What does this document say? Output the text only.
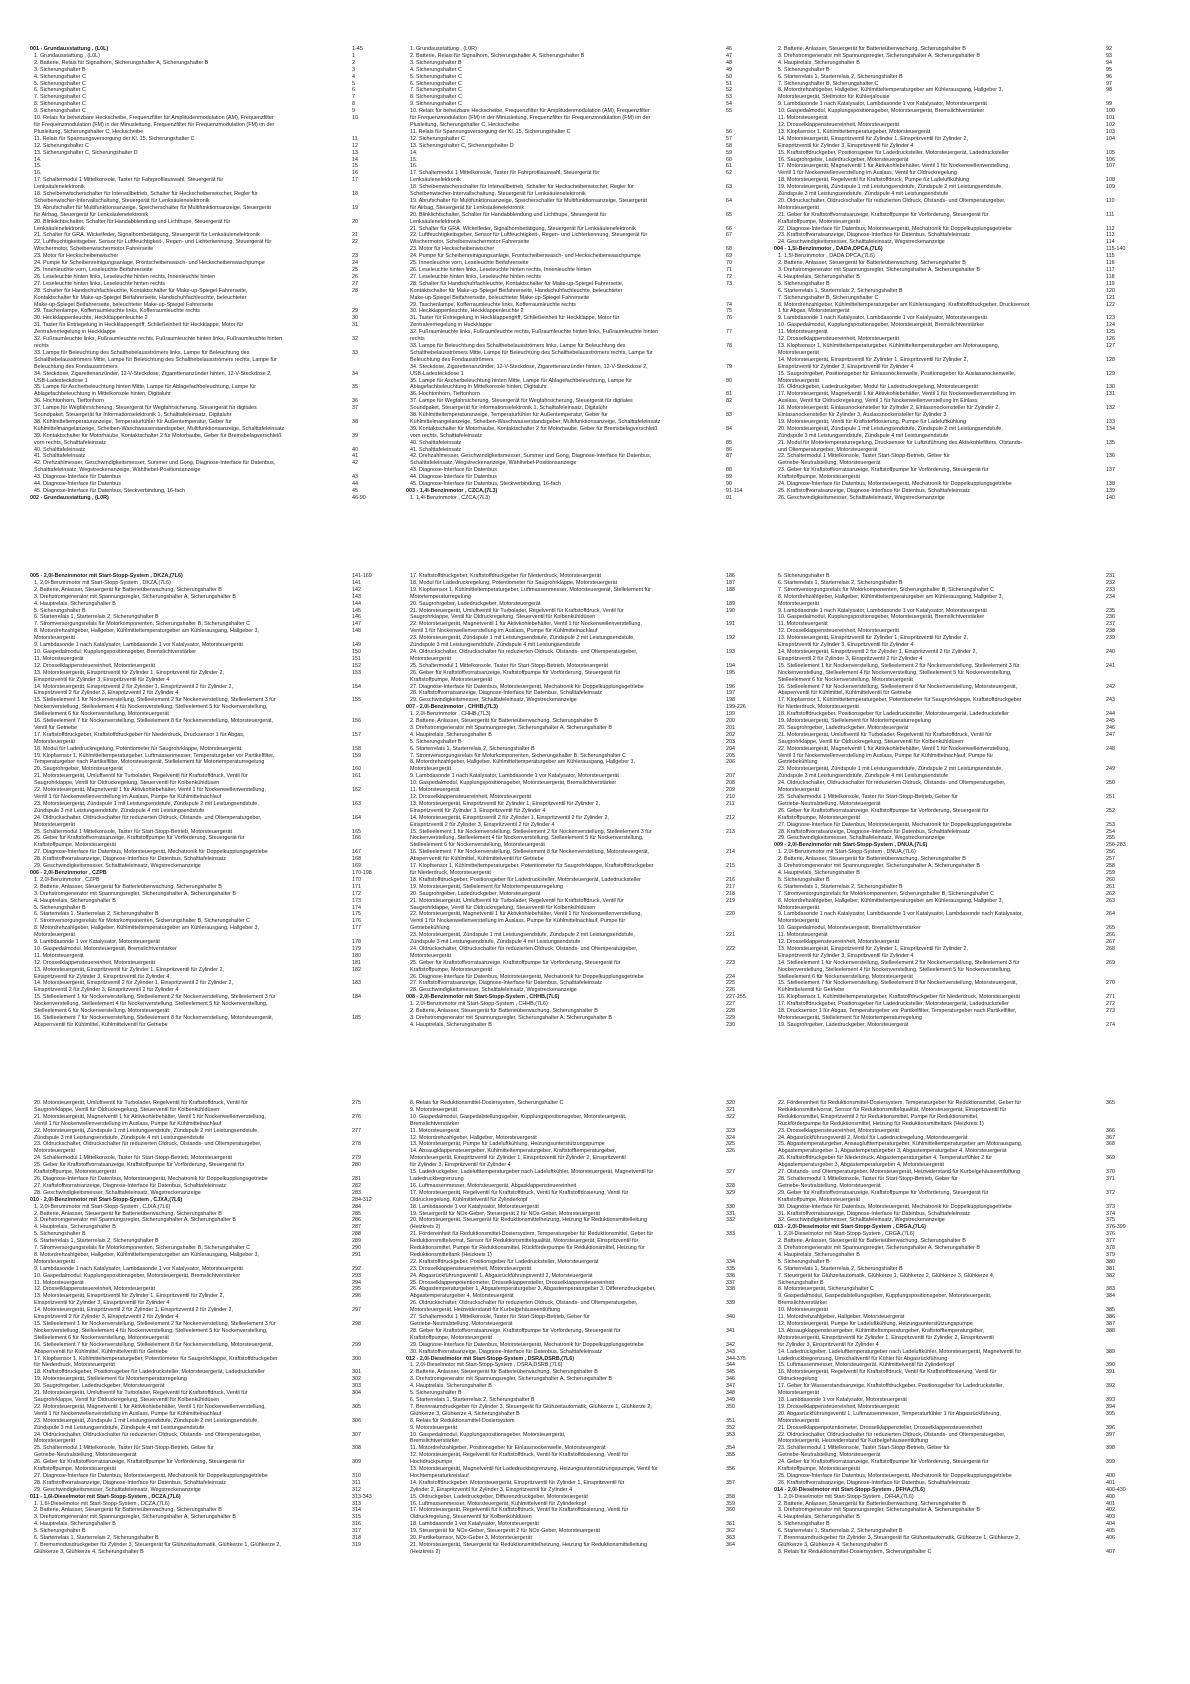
001 - Grundausstattung , (L0L)	1-45
1. Grundausstattung , (L0L)	1
2. Batterie, Relais für Signalhorn, Sicherungshalter A, Sicherungshalter B	2
3. Sicherungshalter B	3
4. Sicherungshalter C	4
5. Sicherungshalter C	5
6. Sicherungshalter C	6
7. Sicherungshalter C	7
8. Sicherungshalter C	8
9. Sicherungshalter C	9
10. Relais für beheizbare Heckscheibe, Frequenzfilter für Amplitudenmodulation (AM), Frequenzfilter	10
für Frequenzmodulation (FM) in der Minusleitung, Frequenzfilter für Frequenzmodulation (FM) im der
Plusleitung, Sicherungshalter C, Heckscheibe
11. Relais für Spannungsversorgung der Kl. 15, Sicherungshalter C	11
12. Sicherungshalter C	12
13. Sicherungshalter C, Sicherungshalter D	13
14.	14
15.	15
16.	16
17. Schaltermodul 1 Mittelkonsole, Taster für Fahrprofilauswahl, Steuergerät für	17
Lenksäulenelektronik
18. Scheibenwischerschalter für Intervallbetrieb, Schalter für Heckscheibenwischer, Regler für	18
Scheibenwischer-Intervallschaltung, Steuergerät für Lenksäulenelektronik
19. Abrufschalter für Multifunktionsanzeige, Speicherschalter für Multifunktionsanzeige, Steuergerät	19
für Airbag, Steuergerät für Lenksäulenelektronik
20. Blinklichtschalter, Schalter für Handabblendung und Lichthupe, Steuergerät für	20
Lenksäulenelektronik
21. Schalter für GRA, Wickelfeder, Signalhornbetätigung, Steuergerät für Lenksäulenelektronik	21
22. Luftfeuchtigkeitsgeber, Sensor für Luftfeuchtigkeit-, Regen- und Lichterkennung, Steuergerät für	22
Wischermotor, Scheibenwischermotor Fahrerseite
23. Motor für Heckscheibenwischer	23
24. Pumpe für Scheibenreinigungsanlage, Frontscheibenwasch- und Heckscheibenwaschpumpe	24
25. Innenleuchte vorn, Leseleuchte Beifahrerseite	25
26. Leseleuchte hinten links, Leseleuchte hinten rechts, Innenleuchte hinten	26
27. Leseleuchte hinten links, Leseleuchte hinten rechts	27
28. Schalter für Handschuhfachleuchte, Kontaktschalter für Make-up-Spiegel Fahrerseite,	28
Kontaktschalter für Make-up-Spiegel Beifahrerseite, Handschuhfachleuchte, beleuchteter
Make-up-Spiegel Beifahrerseite, beleuchteter Make-up-Spiegel Fahrerseite
29. Taschenlampe, Kofferraumleuchte links, Kofferraumleuchte rechts	29
30. Heckklappenleuchte, Heckklappenleuchte 2	30
31. Taster für Entriegelung in Heckklappengriff, Schließeinheit für Heckklappe, Motor für	31
Zentralverriegelung in Heckklappe
32. Fußraumleuchte links, Fußraumleuchte rechts, Fußraumleuchte hinten links, Fußraumleuchte hinten	32
rechts
33. Lampe für Beleuchtung des Schalthebelausströmers links, Lampe für Beleuchtung des	33
Schalthebelausströmers Mitte, Lampe für Beleuchtung des Schalthebelausströmers rechts, Lampe für
Beleuchtung des Fondausströmers
34. Steckdose, Zigarettenanzünder, 12-V-Steckdose, Zigarettenanzünder hinten, 12-V-Steckdose 2,	34
USB-Ladesteckdose 1
35. Lampe für Ascherbeleuchtung hinten Mitte, Lampe für Ablagefachbeleuchtung, Lampe für	35
Ablagefachbeleuchtung in Mittelkonsole hinten, Digitaluhr
36. Hochtonhorn, Tieftonhorn	36
37. Lampe für Wegfahrsicherung, Steuergerät für Wegfahrsicherung, Steuergerät für digitales	37
Soundpaket, Steuergerät für Informationselektronik 1, Schalttafeleinsatz, Digitaluhr
38. Kühlmitteltemperaturanzeige, Temperaturfühler für Außentemperatur, Geber für	38
Kühlmittelmangelanzeige, Scheiben-Waschwasserstandsgeber, Multifunktionsanzeige, Schalttafeleinsatz
39. Kontaktschalter für Motorhaube, Kontaktschalter 2 für Motorhaube, Geber für Bremsbelagverschleiß	39
vorn rechts, Schalttafeleinsatz
40. Schalttafeleinsatz	40
41. Schalttafeleinsatz	41
42. Drehzahlmesser, Geschwindigkeitsmesser, Summer und Gong, Diagnose-Interface für Datenbus,	42
Schalttafeleinsatz, Wegstreckenanzeige, Wählhebel-Positionsanzeige
43. Diagnose-Interface für Datenbus	43
44. Diagnose-Interface für Datenbus	44
45. Diagnose-Interface für Datenbus, Steckverbindung, 16-fach	45
002 - Grundausstattung , (L0R)	46-90
1. Grundausstattung , (L0R)	46
2. Batterie, Relais für Signalhorn, Sicherungshalter A, Sicherungshalter B	47
3. Sicherungshalter B	48
4. Sicherungshalter C	49
5. Sicherungshalter C	50
6. Sicherungshalter C	51
7. Sicherungshalter C	52
8. Sicherungshalter C	53
9. Sicherungshalter C	54
10. Relais für beheizbare Heckscheibe, Frequenzfilter für Amplitudenmodulation (AM), Frequenzfilter	55
für Frequenzmodulation (FM) in der Minusleitung, Frequenzfilter für Frequenzmodulation (FM) im der
Plusleitung, Sicherungshalter C, Heckscheibe
11. Relais für Spannungsversorgung der Kl. 15, Sicherungshalter C	56
12. Sicherungshalter C	57
13. Sicherungshalter C, Sicherungshalter D	58
14.	59
15.	60
16.	61
17. Schaltermodul 1 Mittelkonsole, Taster für Fahrprofilauswahl, Steuergerät für	62
Lenksäulenelektronik
18. Scheibenwischerschalter für Intervallbetrieb, Schalter für Heckscheibenwischer, Regler für	63
Scheibenwischer-Intervallschaltung, Steuergerät für Lenksäulenelektronik
19. Abrufschalter für Multifunktionsanzeige, Speicherschalter für Multifunktionsanzeige, Steuergerät	64
für Airbag, Steuergerät für Lenksäulenelektronik
20. Blinklichtschalter, Schalter für Handabblendung und Lichthupe, Steuergerät für	65
Lenksäulenelektronik
21. Schalter für GRA, Wickelfeder, Signalhornbetätigung, Steuergerät für Lenksäulenelektronik	66
22. Luftfeuchtigkeitsgeber, Sensor für Luftfeuchtigkeit-, Regen- und Lichterkennung, Steuergerät für	67
Wischermotor, Scheibenwischermotor Fahrerseite
23. Motor für Heckscheibenwischer	68
24. Pumpe für Scheibenreinigungsanlage, Frontscheibenwasch- und Heckscheibenwaschpumpe	69
25. Innenleuchte vorn, Leseleuchte Beifahrerseite	70
26. Leseleuchte hinten links, Leseleuchte hinten rechts, Innenleuchte hinten	71
27. Leseleuchte hinten links, Leseleuchte hinten rechts	72
28. Schalter für Handschuhfachleuchte, Kontaktschalter für Make-up-Spiegel Fahrerseite,	73
Kontaktschalter für Make-up-Spiegel Beifahrerseite, Handschuhfachleuchte, beleuchteter
Make-up-Spiegel Beifahrerseite, beleuchteter Make-up-Spiegel Fahrerseite
29. Taschenlampe, Kofferraumleuchte links, Kofferraumleuchte rechts	74
30. Heckklappenleuchte, Heckklappenleuchte 2	75
31. Taster für Entriegelung in Heckklappengriff, Schließeinheit für Heckklappe, Motor für	76
Zentralverriegelung in Heckklappe
32. Fußraumleuchte links, Fußraumleuchte rechts, Fußraumleuchte hinten links, Fußraumleuchte hinten	77
rechts
33. Lampe für Beleuchtung des Schalthebelausströmers links, Lampe für Beleuchtung des	78
Schalthebelausströmers Mitte, Lampe für Beleuchtung des Schalthebelausströmers rechts, Lampe für
Beleuchtung des Fondausströmers
34. Steckdose, Zigarettenanzünder, 12-V-Steckdose, Zigarettenanzünder hinten, 12-V-Steckdose 2,	79
USB-Ladesteckdose 1
35. Lampe für Ascherbeleuchtung hinten Mitte, Lampe für Ablagefachbeleuchtung, Lampe für	80
Ablagefachbeleuchtung in Mittelkonsole hinten, Digitaluhr
36. Hochtonhorn, Tieftonhorn	81
37. Lampe für Wegfahrsicherung, Steuergerät für Wegfahrsicherung, Steuergerät für digitales	82
Soundpaket, Steuergerät für Informationselektronik 1, Schalttafeleinsatz, Digitaluhr
38. Kühlmitteltemperaturanzeige, Temperaturfühler für Außentemperatur, Geber für	83
Kühlmittelmangelanzeige, Scheiben-Waschwasserstandsgeber, Multifunktionsanzeige, Schalttafeleinsatz
39. Kontaktschalter für Motorhaube, Kontaktschalter 2 für Motorhaube, Geber für Bremsbelagverschleiß	84
vorn rechts, Schalttafeleinsatz
40. Schalttafeleinsatz	85
41. Schalttafeleinsatz	86
42. Drehzahlmesser, Geschwindigkeitsmesser, Summer und Gong, Diagnose-Interface für Datenbus,	87
Schalttafeleinsatz, Wegstreckenanzeige, Wählhebel-Positionsanzeige
43. Diagnose-Interface für Datenbus	88
44. Diagnose-Interface für Datenbus	89
45. Diagnose-Interface für Datenbus, Steckverbindung, 16-fach	90
003 - 1,4l-Benzinmotor , CZCA,(7L3)	91-114
1. 1,4l-Benzinmotor , CZCA,(7L3)	91
2. Batterie, Anlasser, Steuergerät für Batterieüberwachung, Sicherungshalter B	92
3. Drehstromgenerator mit Spannungsregler, Sicherungshalter A, Sicherungshalter B	93
4. Hauptrelais, Sicherungshalter B	94
5. Sicherungshalter B	95
6. Starterrelais 1, Starterrelais 2, Sicherungshalter B	96
7. Sicherungshalter B, Sicherungshalter C	97
8. Motordrehzahlgeber, Hallgeber, Kühlmitteltemperaturgeber am Kühlerausgang, Hallgeber 3,	98
Motorsteuergerät, Stellmotor für Kühlerjalousie
9. Lambdasonde 1 nach Katalysator, Lambdasonde 1 vor Katalysator, Motorsteuergerät	99
10. Gaspedalmodul, Kupplungspositionsgeber, Motorsteuergerät, Bremslichtverstärker	100
11. Motorsteuergerät	101
12. Drosselklappensteuereinheit, Motorsteuergerät	102
13. Klopfsensor 1, Kühlmitteltemperaturgeber, Motorsteuergerät	103
14. Motorsteuergerät, Einspritzventil für Zylinder 1, Einspritzventil für Zylinder 2,	104
Einspritzventil für Zylinder 3, Einspritzventil für Zylinder 4
15. Kraftstoffdruckgeber, Positionsgeber für Ladedrucksteller, Motorsteuergerät, Ladedrucksteller	105
16. Saugrohrgeber, Ladedruckgeber, Motorsteuergerät	106
17. Motorsteuergerät, Magnetventil 1 für Aktivkohlebehälter, Ventil 1 für Nockenwellenverstellung,	107
Ventil 1 für Nockenwellenverstellung im Auslass, Ventil für Öldruckregelung
18. Motorsteuergerät, Regelventil für Kraftstoffdruck, Pumpe für Ladeluftkühlung	108
19. Motorsteuergerät, Zündspule 1 mit Leistungsendstufe, Zündspule 2 mit Leistungsendstufe,	109
Zündspule 3 mit Leistungsendstufe, Zündspule 4 mit Leistungsendstufe
20. Öldruckschalter, Öldruckschalter für reduzierten Öldruck, Ölstands- und Öltemperaturgeber,	110
Motorsteuergerät
21. Geber für Kraftstoffvorratsanzeige, Kraftstoffpumpe für Vorförderung, Steuergerät für	111
Kraftstoffpumpe, Motorsteuergerät
22. Diagnose-Interface für Datenbus, Motorsteuergerät, Mechatronik für Doppelkupplungsgetriebe	112
23. Kraftstoffvorratsanzeige, Diagnose-Interface für Datenbus, Schalttafeleinsatz	113
24. Geschwindigkeitsmesser, Schalttafeleinsatz, Wegstreckenanzeige	114
004 - 1,5l-Benzinmotor , DADA,DPCA,(7L6)	115-140
1. 1,5l-Benzinmotor , DADA,DPCA,(7L6)	115
2. Batterie, Anlasser, Steuergerät für Batterieüberwachung, Sicherungshalter B	116
3. Drehstromgenerator mit Spannungsregler, Sicherungshalter A, Sicherungshalter B	117
4. Hauptrelais, Sicherungshalter B	118
5. Sicherungshalter B	119
6. Starterrelais 1, Starterrelais 2, Sicherungshalter B	120
7. Sicherungshalter B, Sicherungshalter C	121
8. Motordrehzahlgeber, Kühlmitteltemperaturgeber am Kühlerausgang, Kraftstoffdruckgeber, Drucksensor	122
1 für Abgas, Motorsteuergerät
9. Lambdasonde 1 nach Katalysator, Lambdasonde 1 vor Katalysator, Motorsteuergerät	123
10. Gaspedalmodul, Kupplungspositionsgeber, Motorsteuergerät, Bremslichtverstärker	124
11. Motorsteuergerät	125
12. Drosselklappensteuereinheit, Motorsteuergerät	126
13. Klopfsensor 1, Kühlmitteltemperaturgeber, Kühlmitteltemperaturgeber am Motorausgang,	127
Motorsteuergerät
14. Motorsteuergerät, Einspritzventil für Zylinder 1, Einspritzventil für Zylinder 2,	128
Einspritzventil für Zylinder 3, Einspritzventil für Zylinder 4
15. Saugrohrgeber, Positionsgeber für Einlassnockenwelle, Positionsgeber für Auslassnockenwelle,	129
Motorsteuergerät
16. Öldruckgeber, Ladedruckgeber, Modul für Ladedruckregelung, Motorsteuergerät	130
17. Motorsteuergerät, Magnetventil 1 für Aktivkohlebehälter, Ventil 1 für Nockenwellenverstellung im	131
Auslass, Ventil für Öldruckregelung, Ventil 1 für Nockenwellenverstellung im Einlass
18. Motorsteuergerät, Einlassnockensteller für Zylinder 2, Einlassnockensteller für Zylinder 2,	132
Einlassnockensteller für Zylinder 3, Auslassnockensteller für Zylinder 3
19. Motorsteuergerät, Ventil für Kraftstoffdosierung, Pumpe für Ladeluftkühlung	133
20. Motorsteuergerät, Zündspule 1 mit Leistungsendstufe, Zündspule 2 mit Leistungsendstufe,	134
Zündspule 3 mit Leistungsendstufe, Zündspule 4 mit Leistungsendstufe
21. Modul für Motortemperaturregelung, Drucksensor für Luftzuführung des Aktivkohlefilters, Ölstands-	135
und Öltemperaturgeber, Motorsteuergerät
22. Schaltermodul 1 Mittelkonsole, Taster Start-Stopp-Betrieb, Geber für	136
Getriebe-Neutralstellung, Motorsteuergerät
23. Geber für Kraftstoffvorratsanzeige, Kraftstoffpumpe für Vorförderung, Steuergerät für	137
Kraftstoffpumpe, Motorsteuergerät
24. Diagnose-Interface für Datenbus, Motorsteuergerät, Mechatronik für Doppelkupplungsgetriebe	138
25. Kraftstoffvorratsanzeige, Diagnose-Interface für Datenbus, Schalttafeleinsatz	139
26. Geschwindigkeitsmesser, Schalttafeleinsatz, Wegstreckenanzeige	140
005 - 2,0l-Benzinmotor mit Start-Stopp-System , DKZA,(7L6)	141-169
1. 2,0l-Benzinmotor mit Start-Stopp-System , DKZA,(7L6)	141
2. Batterie, Anlasser, Steuergerät für Batterieüberwachung, Sicherungshalter B	142
3. Drehstromgenerator mit Spannungsregler, Sicherungshalter A, Sicherungshalter B	143
4. Hauptrelais, Sicherungshalter B	144
5. Sicherungshalter B	145
6. Starterrelais 1, Starterrelais 2, Sicherungshalter B	146
7. Stromversorgungsrelais für Motorkomponenten, Sicherungshalter B, Sicherungshalter C	147
8. Motordrehzahlgeber, Hallgeber, Kühlmitteltemperaturgeber am Kühlerausgang, Hallgeber 3,	148
Motorsteuergerät
9. Lambdasonde 1 nach Katalysator, Lambdasonde 1 vor Katalysator, Motorsteuergerät	149
10. Gaspedalmodul, Kupplungspositionsgeber, Bremslichtverstärker	150
11. Motorsteuergerät	151
12. Drosselklappensteuereinheit, Motorsteuergerät	152
13. Motorsteuergerät, Einspritzventil für Zylinder 1, Einspritzventil für Zylinder 2,	153
Einspritzventil für Zylinder 3, Einspritzventil für Zylinder 4
14. Motorsteuergerät, Einspritzventil 2 für Zylinder 1, Einspritzventil 2 für Zylinder 2,	154
Einspritzventil 2 für Zylinder 3, Einspritzventil 2 für Zylinder 4
15. Stelleelement 1 für Nockenverstellung, Stelleelement 2 für Nockenverstellung, Stelleelement 3 für	155
Nockenverstellung, Stelleelement 4 für Nockenverstellung, Stelleelement 5 für Nockenverstellung,
Stelleelement 6 für Nockenverstellung, Motorsteuergerät
16. Stelleelement 7 für Nockenverstellung, Stelleelement 8 für Nockenverstellung, Motorsteuergerät,	156
Ventil für Getriebe
17. Kraftstoffdruckgeber, Kraftstoffdruckgeber für Niederdruck, Drucksensor 1 für Abgas,	157
Motorsteuergerät
18. Modul für Ladedruckregelung, Potentiometer für Saugrohrklappe, Motorsteuergerät	158
19. Klopfsensor 1, Kühlmitteltemperaturgeber, Luftmassenmesser, Temperaturgeber vor Partikelfilter,	159
Temperaturgeber nach Partikelfilter, Motorsteuergerät, Stellelement für Motortemperaturregelung
20. Saugrohrgeber, Motorsteuergerät	160
21. Motorsteuergerät, Umluftventil für Turbolader, Regelventil für Kraftstoffdruck, Ventil für	161
Saugrohrklappe, Ventil für Öldruckregelung, Steuerventil für Kolbenkühldüsen
22. Motorsteuergerät, Magnetventil 1 für Aktivkohlebehälter, Ventil 1 für Nockenwellenverstellung,	162
Ventil 1 für Nockenwellenverstellung im Auslass, Pumpe für Kühlmittelnachlauf
23. Motorsteuergerät, Zündspule 1 mit Leistungsendstufe, Zündspule 2 mit Leistungsendstufe,	163
Zündspule 3 mit Leistungsendstufe, Zündspule 4 mit Leistungsendstufe
24. Öldruckschalter, Öldruckschalter für reduzierten Öldruck, Ölstands- und Öltemperaturgeber,	164
Motorsteuergerät
25. Schaltermodul 1 Mittelkonsole, Taster für Start-Stopp-Betrieb, Motorsteuergerät	165
26. Geber für Kraftstoffvorratsanzeige, Kraftstoffpumpe für Vorförderung, Steuergerät für	166
Kraftstoffpumpe, Motorsteuergerät
27. Diagnose-Interface für Datenbus, Motorsteuergerät, Mechatronik für Doppelkupplungsgetriebe	167
28. Kraftstoffvorratsanzeige, Diagnose-Interface für Datenbus, Schalttafeleinsatz	168
29. Geschwindigkeitsmesser, Schalttafeleinsatz, Wegstreckenanzeige	169
006 - 2,0l-Benzinmotor , CZPB	170-198
1. 2,0l-Benzinmotor , CZPB	170
2. Batterie, Anlasser, Steuergerät für Batterieüberwachung, Sicherungshalter B	171
3. Drehstromgenerator mit Spannungsregler, Sicherungshalter A, Sicherungshalter B	172
4. Hauptrelais, Sicherungshalter B	173
5. Sicherungshalter B	174
6. Starterrelais 1, Starterrelais 2, Sicherungshalter B	175
7. Stromversorgungsrelais für Motorkomponenten, Sicherungshalter B, Sicherungshalter C	176
8. Motordrehzahlgeber, Hallgeber, Kühlmitteltemperaturgeber am Kühlerausgang, Hallgeber 3,	177
Motorsteuergerät
9. Lambdasonde 1 vor Katalysator, Motorsteuergerät	178
10. Gaspedalmodul, Motorsteuergerät, Bremslichtverstärker	179
11. Motorsteuergerät	180
12. Drosselklappensteuereinheit, Motorsteuergerät	181
13. Motorsteuergerät, Einspritzventil für Zylinder 1, Einspritzventil für Zylinder 2,	182
Einspritzventil für Zylinder 3, Einspritzventil für Zylinder 4
14. Motorsteuergerät, Einspritzventil 2 für Zylinder 1, Einspritzventil 2 für Zylinder 2,	183
Einspritzventil 2 für Zylinder 3, Einspritzventil 2 für Zylinder 4
15. Stelleelement 1 für Nockenverstellung, Stelleelement 2 für Nockenverstellung, Stelleelement 3 für	184
Nockenverstellung, Stelleelement 4 für Nockenverstellung, Stelleelement 5 für Nockenverstellung,
Stelleelement 6 für Nockenverstellung, Motorsteuergerät
16. Stelleelement 7 für Nockenverstellung, Stelleelement 8 für Nockenverstellung, Motorsteuergerät,	185
Absperrventil für Kühlmittel, Kühlmittelventil für Getriebe
17. Kraftstoffdruckgeber, Kraftstoffdruckgeber für Niederdruck, Motorsteuergerät	186
18. Modul für Ladedruckregelung, Potentiometer für Saugrohrklappe, Motorsteuergerät	187
19. Klopfsensor 1, Kühlmitteltemperaturgeber, Luftmassenmesser, Motorsteuergerät, Stellelement für	188
Motortemperaturregelung
20. Saugrohrgeber, Ladedruckgeber, Motorsteuergerät	189
21. Motorsteuergerät, Umluftventil für Turbolader, Regelventil für Kraftstoffdruck, Ventil für	190
Saugrohrklappe, Ventil für Öldruckregelung, Steuerventil für Kolbenkühldüsen
22. Motorsteuergerät, Magnetventil 1 für Aktivkohlebehälter, Ventil 1 für Nockenwellenverstellung,	191
Ventil 1 für Nockenwellenverstellung im Auslass, Pumpe für Kühlmittelnachlauf
23. Motorsteuergerät, Zündspule 1 mit Leistungsendstufe, Zündspule 2 mit Leistungsendstufe,	192
Zündspule 3 mit Leistungsendstufe, Zündspule 4 mit Leistungsendstufe
24. Öldruckschalter, Öldruckschalter für reduzierten Öldruck, Ölstands- und Öltemperaturgeber,	193
Motorsteuergerät
25. Schaltermodul 1 Mittelkonsole, Taster für Start-Stopp-Betrieb, Motorsteuergerät	194
26. Geber für Kraftstoffvorratsanzeige, Kraftstoffpumpe für Vorförderung, Steuergerät für	195
Kraftstoffpumpe, Motorsteuergerät
27. Diagnose-Interface für Datenbus, Motorsteuergerät, Mechatronik für Doppelkupplungsgetriebe	196
28. Kraftstoffvorratsanzeige, Diagnose-Interface für Datenbus, Schalttafeleinsatz	197
29. Geschwindigkeitsmesser, Schalttafeleinsatz, Wegstreckenanzeige	198
007 - 2,0l-Benzinmotor , CHHB,(7L3)	199-226
1. 2,0l-Benzinmotor , CHHB,(7L3)	199
2. Batterie, Anlasser, Steuergerät für Batterieüberwachung, Sicherungshalter B	200
3. Drehstromgenerator mit Spannungsregler, Sicherungshalter A, Sicherungshalter B	201
4. Hauptrelais, Sicherungshalter B	202
5. Sicherungshalter B	203
6. Starterrelais 1, Starterrelais 2, Sicherungshalter B	204
7. Stromversorgungsrelais für Motorkomponenten, Sicherungshalter B, Sicherungshalter C	205
8. Motordrehzahlgeber, Hallgeber, Kühlmitteltemperaturgeber am Kühlerausgang, Hallgeber 3,	206
Motorsteuergerät
9. Lambdasonde 1 nach Katalysator, Lambdasonde 1 vor Katalysator, Motorsteuergerät	207
10. Gaspedalmodul, Kupplungspositionsgeber, Motorsteuergerät, Bremslichtverstärker	208
11. Motorsteuergerät	209
12. Drosselklappensteuereinheit, Motorsteuergerät	210
13. Motorsteuergerät, Einspritzventil für Zylinder 1, Einspritzventil für Zylinder 2,	211
Einspritzventil für Zylinder 3, Einspritzventil für Zylinder 4
14. Motorsteuergerät, Einspritzventil 2 für Zylinder 1, Einspritzventil 2 für Zylinder 2,	212
Einspritzventil 2 für Zylinder 3, Einspritzventil 2 für Zylinder 4
15. Stelleelement 1 für Nockenverstellung, Stelleelement 2 für Nockenverstellung, Stelleelement 3 für	213
Nockenverstellung, Stelleelement 4 für Nockenverstellung, Stelleelement 5 für Nockenverstellung,
Stelleelement 6 für Nockenverstellung, Motorsteuergerät
16. Stelleelement 7 für Nockenverstellung, Stelleelement 8 für Nockenverstellung, Motorsteuergerät,	214
Absperrventil für Kühlmittel, Kühlmittelventil für Getriebe
17. Klopfsensor 1, Kühlmitteltemperaturgeber, Potentiometer für Saugrohrklappe, Kraftstoffdruckgeber	215
für Niederdruck, Motorsteuergerät
18. Kraftstoffdruckgeber, Positionsgeber für Ladedrucksteller, Motorsteuergerät, Ladedrucksteller	216
19. Motorsteuergerät, Stellelement für Motortemperaturregelung	217
20. Saugrohrgeber, Ladedruckgeber, Motorsteuergerät	218
21. Motorsteuergerät, Umluftventil für Turbolader, Regelventil für Kraftstoffdruck, Ventil für	219
Saugrohrklappe, Ventil für Öldruckregelung, Steuerventil für Kolbenkühldüsen
22. Motorsteuergerät, Magnetventil 1 für Aktivkohlebehälter, Ventil 1 für Nockenwellenverstellung,	220
Ventil 1 für Nockenwellenverstellung im Auslass, Pumpe für Kühlmittelnachlauf, Pumpe für
Getriebekühlung
23. Motorsteuergerät, Zündspule 1 mit Leistungsendstufe, Zündspule 2 mit Leistungsendstufe,	221
Zündspule 3 mit Leistungsendstufe, Zündspule 4 mit Leistungsendstufe
24. Öldruckschalter, Öldruckschalter für reduzierten Öldruck, Ölstands- und Öltemperaturgeber,	222
Motorsteuergerät
25. Geber für Kraftstoffvorratsanzeige, Kraftstoffpumpe für Vorförderung, Steuergerät für	223
Kraftstoffpumpe, Motorsteuergerät
26. Diagnose-Interface für Datenbus, Motorsteuergerät, Mechatronik für Doppelkupplungsgetriebe	224
27. Kraftstoffvorratsanzeige, Diagnose-Interface für Datenbus, Schalttafeleinsatz	225
28. Geschwindigkeitsmesser, Schalttafeleinsatz, Wegstreckenanzeige	226
008 - 2,0l-Benzinmotor mit Start-Stopp-System , CHHB,(7L6)	227-255
1. 2,0l-Benzinmotor mit Start-Stopp-System , CHHB,(7L6)	227
2. Batterie, Anlasser, Steuergerät für Batterieüberwachung, Sicherungshalter B	228
3. Drehstromgenerator mit Spannungsregler, Sicherungshalter A, Sicherungshalter B	229
4. Hauptrelais, Sicherungshalter B	230
5. Sicherungshalter B	231
6. Starterrelais 1, Starterrelais 2, Sicherungshalter B	232
7. Stromversorgungsrelais für Motorkomponenten, Sicherungshalter B, Sicherungshalter C	233
8. Motordrehzahlgeber, Hallgeber, Kühlmitteltemperaturgeber am Kühlerausgang, Hallgeber 3,	234
Motorsteuergerät
9. Lambdasonde 1 nach Katalysator, Lambdasonde 1 vor Katalysator, Motorsteuergerät	235
10. Gaspedalmodul, Kupplungspositionsgeber, Motorsteuergerät, Bremslichtverstärker	236
11. Motorsteuergerät	237
12. Drosselklappensteuereinheit, Motorsteuergerät	238
13. Motorsteuergerät, Einspritzventil für Zylinder 1, Einspritzventil für Zylinder 2,	239
Einspritzventil für Zylinder 3, Einspritzventil für Zylinder 4
14. Motorsteuergerät, Einspritzventil 2 für Zylinder 1, Einspritzventil 2 für Zylinder 2,	240
Einspritzventil 2 für Zylinder 3, Einspritzventil 2 für Zylinder 4
15. Stelleelement 1 für Nockenverstellung, Stelleelement 2 für Nockenverstellung, Stelleelement 3 für	241
Nockenverstellung, Stelleelement 4 für Nockenverstellung, Stelleelement 5 für Nockenverstellung,
Stelleelement 6 für Nockenverstellung, Motorsteuergerät
16. Stelleelement 7 für Nockenverstellung, Stelleelement 8 für Nockenverstellung, Motorsteuergerät,	242
Absperrventil für Kühlmittel, Kühlmittelventil für Getriebe
17. Klopfsensor 1, Kühlmitteltemperaturgeber, Potentiometer für Saugrohrklappe, Kraftstoffdruckgeber	243
für Niederdruck, Motorsteuergerät
18. Kraftstoffdruckgeber, Positionsgeber für Ladedrucksteller, Motorsteuergerät, Ladedrucksteller	244
19. Motorsteuergerät, Stellelement für Motortemperaturregelung	245
20. Saugrohrgeber, Ladedruckgeber, Motorsteuergerät	246
21. Motorsteuergerät, Umluftventil für Turbolader, Regelventil für Kraftstoffdruck, Ventil für	247
Saugrohrklappe, Ventil für Öldruckregelung, Steuerventil für Kolbenkühldüsen
22. Motorsteuergerät, Magnetventil 1 für Aktivkohlebehälter, Ventil 1 für Nockenwellenverstellung,	248
Ventil 1 für Nockenwellenverstellung im Auslass, Pumpe für Kühlmittelnachlauf, Pumpe für
Getriebekühlung
23. Motorsteuergerät, Zündspule 1 mit Leistungsendstufe, Zündspule 2 mit Leistungsendstufe,	249
Zündspule 3 mit Leistungsendstufe, Zündspule 4 mit Leistungsendstufe
24. Öldruckschalter, Öldruckschalter für reduzierten Öldruck, Ölstands- und Öltemperaturgeber,	250
Motorsteuergerät
25. Schaltermodul 1 Mittelkonsole, Taster für Start-Stopp-Betrieb, Geber für	251
Getriebe-Neutralstellung, Motorsteuergerät
26. Geber für Kraftstoffvorratsanzeige, Kraftstoffpumpe für Vorförderung, Steuergerät für	252
Kraftstoffpumpe, Motorsteuergerät
27. Diagnose-Interface für Datenbus, Motorsteuergerät, Mechatronik für Doppelkupplungsgetriebe	253
28. Kraftstoffvorratsanzeige, Diagnose-Interface für Datenbus, Schalttafeleinsatz	254
29. Geschwindigkeitsmesser, Schalttafeleinsatz, Wegstreckenanzeige	255
009 - 2,0l-Benzinmotor mit Start-Stopp-System , DNUA,(7L6)	256-283
1. 2,0l-Benzinmotor mit Start-Stopp-System , DNUA,(7L6)	256
2. Batterie, Anlasser, Steuergerät für Batterieüberwachung, Sicherungshalter B	257
3. Drehstromgenerator mit Spannungsregler, Sicherungshalter A, Sicherungshalter B	258
4. Hauptrelais, Sicherungshalter B	259
5. Sicherungshalter B	260
6. Starterrelais 1, Starterrelais 2, Sicherungshalter B	261
7. Stromversorgungsrelais für Motorkomponenten, Sicherungshalter B, Sicherungshalter C	262
8. Motordrehzahlgeber, Hallgeber, Kühlmitteltemperaturgeber am Kühlerausgang, Hallgeber 3,	263
Motorsteuergerät
9. Lambdasonde 1 nach Katalysator, Lambdasonde 1 vor Katalysator, Lambdasonde nach Katalysator,	264
Motorsteuergerät
10. Gaspedalmodul, Motorsteuergerät, Bremslichtverstärker	265
11. Motorsteuergerät	266
12. Drosselklappensteuereinheit, Motorsteuergerät	267
13. Motorsteuergerät, Einspritzventil für Zylinder 1, Einspritzventil für Zylinder 2,	268
Einspritzventil für Zylinder 3, Einspritzventil für Zylinder 4
14. Stelleelement 1 für Nockenverstellung, Stelleelement 2 für Nockenverstellung, Stelleelement 3 für	269
Nockenverstellung, Stelleelement 4 für Nockenverstellung, Stelleelement 5 für Nockenverstellung,
Stelleelement 6 für Nockenverstellung, Motorsteuergerät
15. Stelleelement 7 für Nockenverstellung, Stelleelement 8 für Nockenverstellung, Motorsteuergerät,	270
Kühlmittelventil für Getriebe
16. Klopfsensor 1, Kühlmitteltemperaturgeber, Kraftstoffdruckgeber für Niederdruck, Motorsteuergerät	271
17. Kraftstoffdruckgeber, Positionsgeber für Ladedrucksteller, Motorsteuergerät, Ladedrucksteller	272
18. Drucksensor 1 für Abgas, Temperaturgeber vor Partikelfilter, Temperaturgeber nach Partikelfilter,	273
Motorsteuergerät, Stellelement für Motortemperaturregelung
19. Saugrohrgeber, Ladedruckgeber, Motorsteuergerät	274
20. Motorsteuergerät, Umluftventil für Turbolader, Regelventil für Kraftstoffdruck, Ventil für	275
Saugrohrklappe, Ventil für Öldruckregelung, Steuerventil für Kolbenkühldüsen
21. Motorsteuergerät, Magnetventil 1 für Aktivkohlebehälter, Ventil 1 für Nockenwellenverstellung,	276
Ventil 1 für Nockenwellenverstellung im Auslass, Pumpe für Kühlmittelnachlauf
22. Motorsteuergerät, Zündspule 1 mit Leistungsendstufe, Zündspule 2 mit Leistungsendstufe,	277
Zündspule 3 mit Leistungsendstufe, Zündspule 4 mit Leistungsendstufe
23. Öldruckschalter, Öldruckschalter für reduzierten Öldruck, Ölstands- und Öltemperaturgeber,	278
Motorsteuergerät
24. Schaltermodul 1 Mittelkonsole, Taster für Start-Stopp-Betrieb, Motorsteuergerät	279
25. Geber für Kraftstoffvorratsanzeige, Kraftstoffpumpe für Vorförderung, Steuergerät für	280
Kraftstoffpumpe, Motorsteuergerät
26. Diagnose-Interface für Datenbus, Motorsteuergerät, Mechatronik für Doppelkupplungsgetriebe	281
27. Kraftstoffvorratsanzeige, Diagnose-Interface für Datenbus, Schalttafeleinsatz	282
28. Geschwindigkeitsmesser, Schalttafeleinsatz, Wegstreckenanzeige	283
010 - 2,0l-Benzinmotor mit Start-Stopp-System , CJXA,(7L6)	284-312
1. 2,0l-Benzinmotor mit Start-Stopp-System , CJXA,(7L6)	284
2. Batterie, Anlasser, Steuergerät für Batterieüberwachung, Sicherungshalter B	285
3. Drehstromgenerator mit Spannungsregler, Sicherungshalter A, Sicherungshalter B	286
4. Hauptrelais, Sicherungshalter B	287
5. Sicherungshalter B	288
6. Starterrelais 1, Starterrelais 2, Sicherungshalter B	289
7. Stromversorgungsrelais für Motorkomponenten, Sicherungshalter B, Sicherungshalter C	290
8. Motordrehzahlgeber, Hallgeber, Kühlmitteltemperaturgeber am Kühlerausgang, Hallgeber 3,	291
Motorsteuergerät
9. Lambdasonde 1 nach Katalysator, Lambdasonde 1 vor Katalysator, Motorsteuergerät	292
10. Gaspedalmodul, Kupplungspositionsgeber, Motorsteuergerät, Bremslichtverstärker	293
11. Motorsteuergerät	294
12. Drosselklappensteuereinheit, Motorsteuergerät	295
13. Motorsteuergerät, Einspritzventil für Zylinder 1, Einspritzventil für Zylinder 2,	296
Einspritzventil für Zylinder 3, Einspritzventil für Zylinder 4
14. Motorsteuergerät, Einspritzventil 2 für Zylinder 1, Einspritzventil 2 für Zylinder 2,	297
Einspritzventil 2 für Zylinder 3, Einspritzventil 2 für Zylinder 4
15. Stelleelement 1 für Nockenverstellung, Stelleelement 2 für Nockenverstellung, Stelleelement 3 für	298
Nockenverstellung, Stelleelement 4 für Nockenverstellung, Stelleelement 5 für Nockenverstellung,
Stelleelement 6 für Nockenverstellung, Motorsteuergerät
16. Stelleelement 7 für Nockenverstellung, Stelleelement 8 für Nockenverstellung, Motorsteuergerät,	299
Absperrventil für Kühlmittel, Kühlmittelventil für Getriebe
17. Klopfsensor 1, Kühlmitteltemperaturgeber, Potentiometer für Saugrohrklappe, Kraftstoffdruckgeber	300
für Niederdruck, Motorsteuergerät
18. Kraftstoffdruckgeber, Positionsgeber für Ladedrucksteller, Motorsteuergerät, Ladedrucksteller	301
19. Motorsteuergerät, Stellelement für Motortemperaturregelung	302
20. Saugrohrgeber, Ladedruckgeber, Motorsteuergerät	303
21. Motorsteuergerät, Umluftventil für Turbolader, Regelventil für Kraftstoffdruck, Ventil für	304
Saugrohrklappe, Ventil für Öldruckregelung, Steuerventil für Kolbenkühldüsen
22. Motorsteuergerät, Magnetventil 1 für Aktivkohlebehälter, Ventil 1 für Nockenwellenverstellung,	305
Ventil 1 für Nockenwellenverstellung im Auslass, Pumpe für Kühlmittelnachlauf
23. Motorsteuergerät, Zündspule 1 mit Leistungsendstufe, Zündspule 2 mit Leistungsendstufe,	306
Zündspule 3 mit Leistungsendstufe, Zündspule 4 mit Leistungsendstufe
24. Öldruckschalter, Öldruckschalter für reduzierten Öldruck, Ölstands- und Öltemperaturgeber,	307
Motorsteuergerät
25. Schaltermodul 1 Mittelkonsole, Taster für Start-Stopp-Betrieb, Geber für	308
Getriebe-Neutralstellung, Motorsteuergerät
26. Geber für Kraftstoffvorratsanzeige, Kraftstoffpumpe für Vorförderung, Steuergerät für	309
Kraftstoffpumpe, Motorsteuergerät
27. Diagnose-Interface für Datenbus, Motorsteuergerät, Mechatronik für Doppelkupplungsgetriebe	310
28. Kraftstoffvorratsanzeige, Diagnose-Interface für Datenbus, Schalttafeleinsatz	311
29. Geschwindigkeitsmesser, Schalttafeleinsatz, Wegstreckenanzeige	312
011 - 1,6l-Dieselmotor mit Start-Stopp-System , DCZA,(7L6)	313-343
1. 1,6l-Dieselmotor mit Start-Stopp-System , DCZA,(7L6)	313
2. Batterie, Anlasser, Steuergerät für Batterieüberwachung, Sicherungshalter B	314
3. Drehstromgenerator mit Spannungsregler, Sicherungshalter A, Sicherungshalter B	315
4. Hauptrelais, Sicherungshalter B	316
5. Sicherungshalter B	317
6. Starterrelais 1, Starterrelais 2, Sicherungshalter B	318
7. Bremsmodusdruckgeber für Zylinder 3, Steuergerät für Glühzeitautomatik, Glühkerze 1, Glühkerze 2,	319
Glühkerze 3, Glühkerze 4, Sicherungshalter B
8. Relais für Reduktionsmittel-Dosiersystem, Sicherungshalter C	320
9. Motorsteuergerät	321
10. Gaspedalmodul, Gaspedalstellungsgeber, Kupplungspositionsgeber, Motorsteuergerät,	322
Bremslichtverstärker
11. Motorsteuergerät	323
12. Motordrehzahlgeber, Hallgeber, Motorsteuergerät	324
13. Motorsteuergerät, Pumpe für Ladeluftkühlung, Heizungsunterstützungspumpe	325
14. Absaugklappensteuergeber, Kühlmitteltemperaturgeber, Kraftstofftemperaturgeber,	326
Motorsteuergerät, Einspritzventil für Zylinder 1, Einspritzventil für Zylinder 2, Einspritzventil
für Zylinder 3, Einspritzventil für Zylinder 4
15. Ladedruckgeber, Ladelufttemperaturgeber nach Ladeluftkühler, Motorsteuergerät, Magnetventil für	327
Ladedruckbegrenzung
16. Luftmassenmesser, Motorsteuergerät, Abgasklappensteuereinheit	328
17. Motorsteuergerät, Regelventil für Kraftstoffdruck, Ventil für Kraftstoffdosierung, Ventil für	329
Öldruckregelung, Kühlmittelventil für Zylinderkopf
18. Lambdasonde 1 vor Katalysator, Motorsteuergerät	330
19. Steuergerät für NOx-Geber, Steuergerät 2 für NOx-Geber, Motorsteuergerät	331
20. Motorsteuergerät, Steuergerät für Reduktionsmittelheizung, Heizung für Reduktionsmittelleitung	332
(Heizkreis 2)
21. Fördereinheit für Reduktionsmittel-Dosiersystem, Temperaturgeber für Reduktionsmittel, Geber für	333
Reduktionsmittelvorrat, Sensor für Reduktionsmittelqualität, Motorsteuergerät, Einspritzventil für
Reduktionsmittel, Pumpe für Reduktionsmittel, Rückförderpumpe für Reduktionsmittel, Heizung für
Reduktionsmitteltank (Heizkreis 1)
22. Kraftstoffdruckgeber, Positionsgeber für Ladedrucksteller, Motorsteuergerät	334
23. Drosselklappensteuereinheit, Motorsteuergerät	335
24. Abgasrückführungsventil 1, Abgasrückführungsventil 2, Motorsteuergerät	336
25. Drosselklappenpotentiometer, Drosselklappensteller, Drosselklappensteuereinheit	337
26. Abgastemperaturgeber 1, Abgastemperaturgeber 3, Abgastemperaturgeber 3, Differenzdruckgeber,	338
Abgastemperaturgeber 4, Motorsteuergerät
26. Öldruckschalter, Öldruckschalter für reduzierten Öldruck, Ölstands- und Öltemperaturgeber,	339
Motorsteuergerät, Heizwiderstand für Kurbelgehäuseentlüftung
27. Schaltermodul 1 Mittelkonsole, Taster für Start-Stopp-Betrieb, Geber für	340
Getriebe-Neutralstellung, Motorsteuergerät
28. Geber für Kraftstoffvorratsanzeige, Kraftstoffpumpe für Vorförderung, Steuergerät für	341
Kraftstoffpumpe, Motorsteuergerät
29. Diagnose-Interface für Datenbus, Motorsteuergerät, Mechatronik für Doppelkupplungsgetriebe	342
30. Kraftstoffvorratsanzeige, Diagnose-Interface für Datenbus, Schalttafeleinsatz	343
012 - 2,0l-Dieselmotor mit Start-Stopp-System , DSRA,DSRB,(7L6)	344-375
1. 2,0l-Dieselmotor mit Start-Stopp-System , DSRA,DSRB,(7L6)	344
2. Batterie, Anlasser, Steuergerät für Batterieüberwachung, Sicherungshalter B	345
3. Drehstromgenerator mit Spannungsregler, Sicherungshalter A, Sicherungshalter B	346
4. Hauptrelais, Sicherungshalter B	347
5. Sicherungshalter B	348
6. Starterrelais 1, Starterrelais 2, Sicherungshalter B	349
7. Brennraumdruckgeber für Zylinder 3, Steuergerät für Glühzeitautomatik, Glühkerze 1, Glühkerze 2,	350
Glühkerze 3, Glühkerze 4, Sicherungshalter B
8. Relais für Reduktionsmittel-Dosiersystem	351
9. Motorsteuergerät	352
10. Gaspedalmodul, Kupplungspositionsgeber, Motorsteuergerät,	353
Bremslichtverstärker
11. Motordrehzahlgeber, Positionsgeber für Einlassnockenwelle, Motorsteuergerät	354
12. Motorsteuergerät, Regelventil für Kraftstoffdruck, Ventil für Kraftstoffdosierung, Ventil für	355
Hochdruckpumpe
13. Motorsteuergerät, Magnetventil für Ladedruckbegrenzung, Heizungsunterstützungspumpe, Ventil für	356
Hochtemperaturkreislauf
14. Kraftstoffdruckgeber, Motorsteuergerät, Einspritzventil für Zylinder 1, Einspritzventil für	357
Zylinder 2, Einspritzventil für Zylinder 3, Einspritzventil für Zylinder 4
15. Öldruckgeber, Ladedruckgeber, Differenzdruckgeber, Motorsteuergerät	358
16. Luftmassenmesser, Motorsteuergerät, Kühlmittelventil für Zylinderkopf	359
17. Motorsteuergerät, Regelventil für Kraftstoffdruck, Ventil für Kraftstoffdosierung, Ventil für	360
Öldruckregelung, Steuerventil für Kolbenkühldüsen
18. Lambdasonde 1 vor Katalysator, Motorsteuergerät	361
19. Steuergerät für NOx-Geber, Steuergerät 2 für NOx-Geber, Motorsteuergerät	362
20. Partikelsensor, NOx-Geber 3, Motorsteuergerät	363
21. Motorsteuergerät, Steuergerät für Reduktionsmittelheizung, Heizung für Reduktionsmittelleitung	364
(Heizkreis 2)
22. Fördereinheit für Reduktionsmittel-Dosiersystem, Temperaturgeber für Reduktionsmittel, Geber für	365
Reduktionsmittelvorrat, Sensor für Reduktionsmittelqualität, Motorsteuergerät, Einspritzventil für
Reduktionsmittel, Einspritzventil 2 für Reduktionsmittel, Pumpe für Reduktionsmittel,
Rückförderpumpe für Reduktionsmittel, Heizung für Reduktionsmitteltank (Heizkreis 1)
23. Drosselklappensteuereinheit, Motorsteuergerät	366
24. Abgasrückführungsventil 2, Modul für Ladedruckregelung, Motorsteuergerät	367
25. Abgastemperaturgeber, Ansauglufttemperaturgeber, Kühlmitteltemperaturgeber am Motorausgang,	368
Abgastemperaturgeber 1, Abgastemperaturgeber 3, Abgastemperaturgeber 4, Motorsteuergerät
26. Kraftstoffdruckgeber für Niederdruck, Abgastemperaturgeber 4, Temperaturfühler 2 für	369
Abgastemperaturgeber 3, Abgastemperaturgeber 4, Motorsteuergerät
27. Ölstands- und Öltemperaturgeber, Motorsteuergerät, Heizwiderstand für Kurbelgehäuseentlüftung	370
28. Schaltermodul 1 Mittelkonsole, Taster für Start-Stopp-Betrieb, Geber für	371
Getriebe-Neutralstellung, Motorsteuergerät
29. Geber für Kraftstoffvorratsanzeige, Kraftstoffpumpe für Vorförderung, Steuergerät für	372
Kraftstoffpumpe, Motorsteuergerät
30. Diagnose-Interface für Datenbus, Motorsteuergerät, Mechatronik für Doppelkupplungsgetriebe	373
31. Kraftstoffvorratsanzeige, Diagnose-Interface für Datenbus, Schalttafeleinsatz	374
32. Geschwindigkeitsmesser, Schalttafeleinsatz, Wegstreckenanzeige	375
013 - 2,0l-Dieselmotor mit Start-Stopp-System , CRGA,(7L6)	376-399
1. 2,0l-Dieselmotor mit Start-Stopp-System , CRGA,(7L6)	376
2. Batterie, Anlasser, Steuergerät für Batterieüberwachung, Sicherungshalter B	377
3. Drehstromgenerator mit Spannungsregler, Sicherungshalter A, Sicherungshalter B	378
4. Hauptrelais, Sicherungshalter B	379
5. Sicherungshalter B	380
6. Starterrelais 1, Starterrelais 2, Sicherungshalter B	381
7. Steuergerät für Glühzeitautomatik, Glühkerze 1, Glühkerze 2, Glühkerze 3, Glühkerze 4,	382
Sicherungshalter B
8. Motorsteuergerät, Sicherungshalter C	383
9. Gaspedalmodul, Gaspedalstellungsgeber, Kupplungspositionsgeber, Motorsteuergerät,	384
Bremslichtverstärker
10. Motorsteuergerät	385
11. Motordrehzahlgeber, Hallgeber, Motorsteuergerät	386
12. Motorsteuergerät, Pumpe für Ladeluftkühlung, Heizungsunterstützungspumpe	387
13. Absaugklappensteuergeber, Kühlmitteltemperaturgeber, Kraftstofftemperaturgeber,	388
Motorsteuergerät, Einspritzventil für Zylinder 1, Einspritzventil für Zylinder 2, Einspritzventil
für Zylinder 3, Einspritzventil für Zylinder 4
14. Ladedruckgeber, Ladelufttemperaturgeber nach Ladeluftkühler, Motorsteuergerät, Magnetventil für	389
Ladedruckbegrenzung, Umschaltventil für Kühler für Abgasrückführung
15. Luftmassenmesser, Motorsteuergerät, Kühlmittelventil für Zylinderkopf	390
16. Motorsteuergerät, Regelventil für Kraftstoffdruck, Ventil für Kraftstoffdosierung, Ventil für	391
Öldruckregelung
17. Geber für Wasserstandsanzeige, Kraftstoffdruckgeber, Positionsgeber für Ladedrucksteller,	392
Motorsteuergerät
18. Lambdasonde 1 vor Katalysator, Motorsteuergerät	393
19. Drosselklappensteuereinheit, Motorsteuergerät	394
20. Abgasrückführungsventil 1, Luftmassenmesser, Temperaturfühler 1 für Abgasrückführung,	395
Motorsteuergerät
21. Drosselklappenpotentiometer, Drosselklappensteller, Drosselklappensteuereinheit	396
22. Öldruckschalter, Öldruckschalter für reduzierten Öldruck, Ölstands- und Öltemperaturgeber,	397
Motorsteuergerät, Heizwiderstand für Kurbelgehäuseentlüftung
23. Schaltermodul 1 Mittelkonsole, Taster Start-Stopp-Betrieb, Geber für	398
Getriebe-Neutralstellung, Motorsteuergerät
24. Geber für Kraftstoffvorratsanzeige, Kraftstoffpumpe für Vorförderung, Steuergerät für	399
Kraftstoffpumpe, Motorsteuergerät
25. Diagnose-Interface für Datenbus, Motorsteuergerät, Mechatronik für Doppelkupplungsgetriebe	400
26. Kraftstoffvorratsanzeige, Diagnose-Interface für Datenbus, Schalttafeleinsatz	401
014 - 2,0l-Dieselmotor mit Start-Stopp-System , DFHA,(7L6)	400-430
1. 2,0l-Dieselmotor mit Start-Stopp-System , DFHA,(7L6)	400
2. Batterie, Anlasser, Steuergerät für Batterieüberwachung, Sicherungshalter B	401
3. Drehstromgenerator mit Spannungsregler, Sicherungshalter A, Sicherungshalter B	402
4. Hauptrelais, Sicherungshalter B	403
5. Sicherungshalter B	404
6. Starterrelais 1, Starterrelais 2, Sicherungshalter B	405
7. Brennraumdruckgeber für Zylinder 3, Steuergerät für Glühzeitautomatik, Glühkerze 1, Glühkerze 2,	406
Glühkerze 3, Glühkerze 4, Sicherungshalter B
8. Relais für Reduktionsmittel-Dosiersystem, Sicherungshalter C	407
